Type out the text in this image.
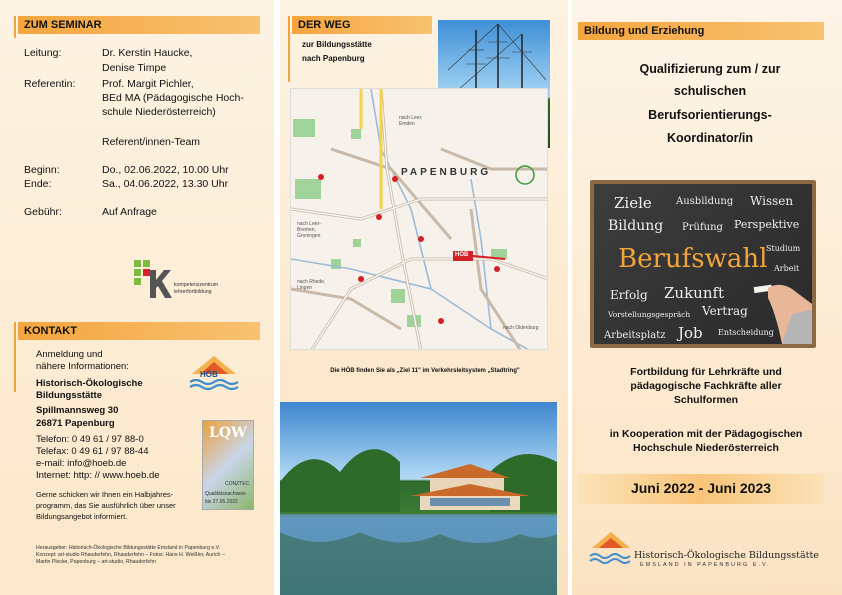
ZUM SEMINAR
Leitung:	Dr. Kerstin Haucke,
Denise Timpe
Referentin:	Prof. Margit Pichler,
BEd MA (Pädagogische Hoch-
schule Niederösterreich)
Referent/innen-Team
Beginn:	Do., 02.06.2022, 10.00 Uhr
Ende:	Sa., 04.06.2022, 13.30 Uhr
Gebühr:	Auf Anfrage
kompetenzzentrum
lehrerfortbildung
KONTAKT
Anmeldung und
nähere Informationen:
Historisch-Ökologische
Bildungsstätte
Spillmannsweg 30
26871 Papenburg
Telefon: 0 49 61 / 97 88-0
Telefax: 0 49 61 / 97 88-44
e-mail: info@hoeb.de
Internet: http: // www.hoeb.de
Gerne schicken wir Ihnen ein Halbjahres-
programm, das Sie ausführlich über unser
Bildungsangebot informiert.
Herausgeber: Historisch-Ökologische Bildungsstätte Emsland in Papenburg e.V.
Konzept: art-studio Rhauderfehn, Rhauderfehn – Fotos: Hans H. Weißler, Aurich –
Martin Plecke, Papenburg – art-studio, Rhauderfehn
HÖB
LQW
CONZTEC
Qualitätsnachweis
bis 27.05.2022
DER WEG
zur Bildungsstätte
nach Papenburg
Die HÖB finden Sie als „Ziel 11" im Verkehrsleitsystem „Stadtring"
PAPENBURG
HÖB
nach Leer, Emden
nach Leer-Bremen, Groningen
nach Rhede, Lingen
nach Oldenburg
Bildung und Erziehung
Qualifizierung zum / zur
schulischen
Berufsorientierungs-
Koordinator/in
Ziele Ausbildung Wissen
Bildung Prüfung Perspektive
Berufswahl
Studium
Arbeit
Erfolg Zukunft
Vorstellungsgespräch Vertrag
Arbeitsplatz Job Entscheidung
Fortbildung für Lehrkräfte und
pädagogische Fachkräfte aller
Schulformen
in Kooperation mit der Pädagogischen
Hochschule Niederösterreich
Juni 2022 - Juni 2023
Historisch-Ökologische Bildungsstätte
EMSLAND IN PAPENBURG E.V.
